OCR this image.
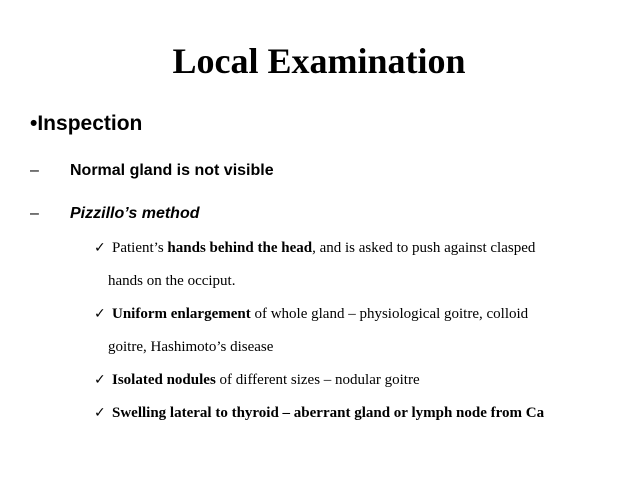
Local Examination
•Inspection
– Normal gland is not visible
– Pizzillo’s method
✓ Patient’s hands behind the head, and is asked to push against clasped
hands on the occiput.
✓ Uniform enlargement of whole gland – physiological goitre, colloid
goitre, Hashimoto’s disease
✓ Isolated nodules of different sizes – nodular goitre
✓ Swelling lateral to thyroid – aberrant gland or lymph node from Ca
